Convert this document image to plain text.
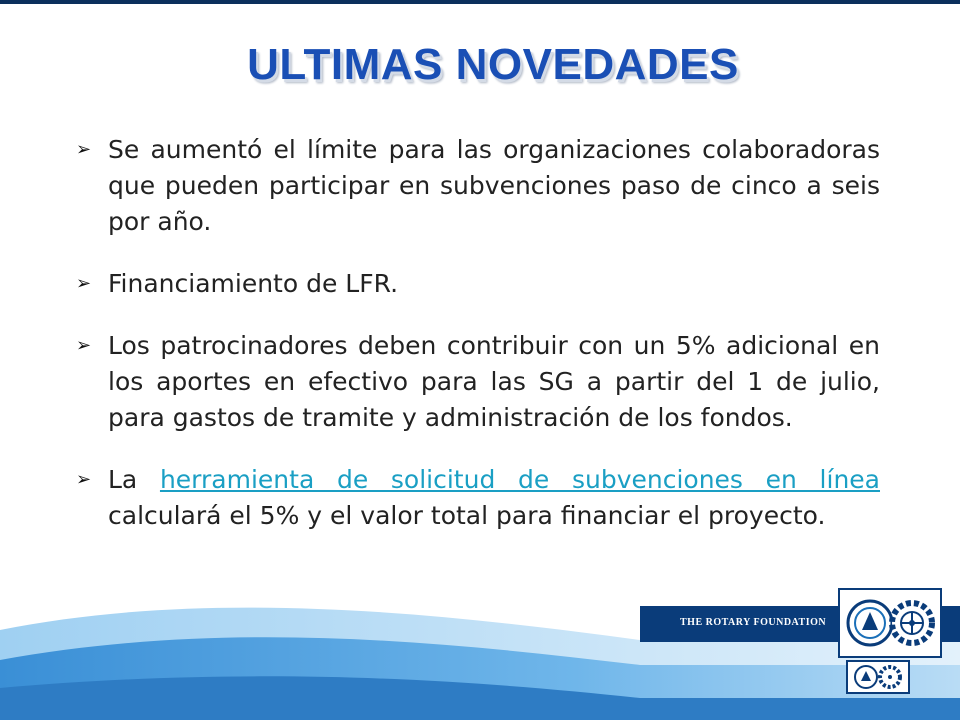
ULTIMAS NOVEDADES
➢ Se aumentó el límite para las organizaciones colaboradoras que pueden participar en subvenciones paso de cinco a seis por año.
➢ Financiamiento de LFR.
➢ Los patrocinadores deben contribuir con un 5% adicional en los aportes en efectivo para las SG a partir del 1 de julio, para gastos de tramite y administración de los fondos.
➢ La herramienta de solicitud de subvenciones en línea calculará el 5% y el valor total para financiar el proyecto.
THE ROTARY FOUNDATION
